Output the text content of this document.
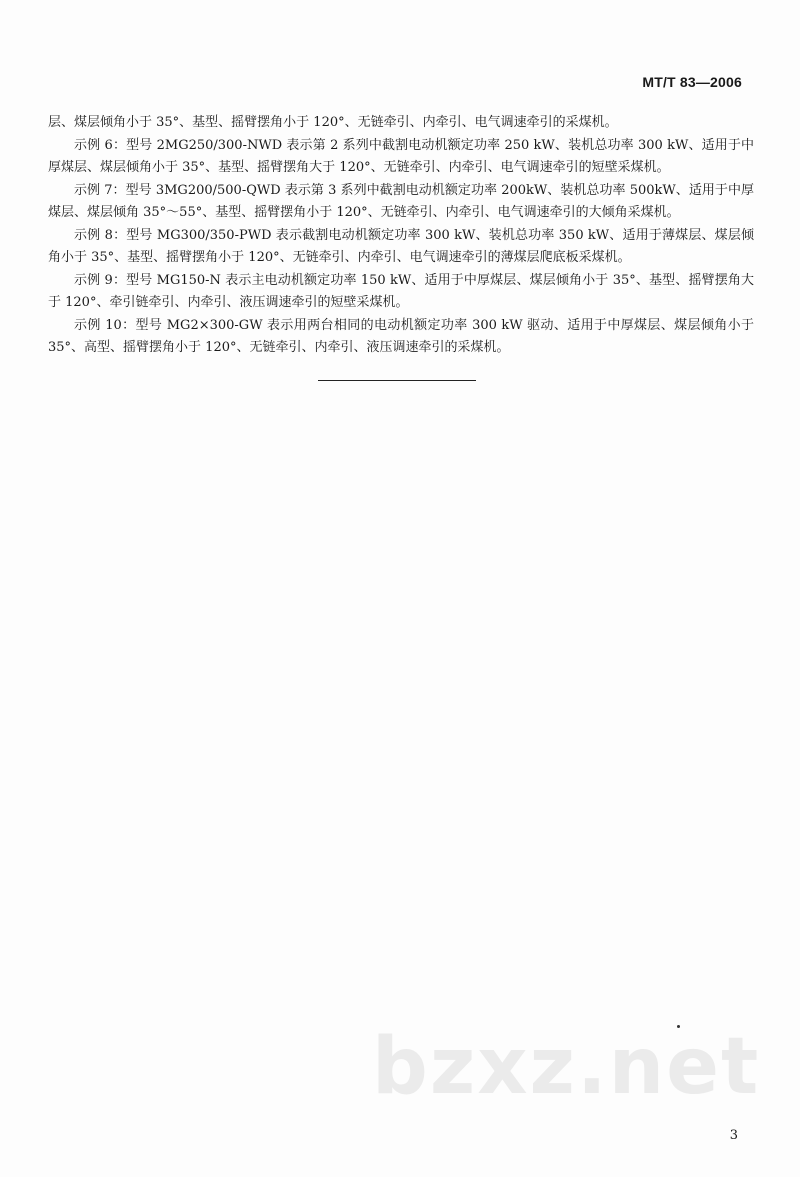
MT/T 83—2006

层、煤层倾角小于 35°、基型、摇臂摆角小于 120°、无链牵引、内牵引、电气调速牵引的采煤机。

示例 6：型号 2MG250/300-NWD 表示第 2 系列中截割电动机额定功率 250 kW、装机总功率 300 kW、适用于中厚煤层、煤层倾角小于 35°、基型、摇臂摆角大于 120°、无链牵引、内牵引、电气调速牵引的短壁采煤机。

示例 7：型号 3MG200/500-QWD 表示第 3 系列中截割电动机额定功率 200kW、装机总功率 500kW、适用于中厚煤层、煤层倾角 35°～55°、基型、摇臂摆角小于 120°、无链牵引、内牵引、电气调速牵引的大倾角采煤机。

示例 8：型号 MG300/350-PWD 表示截割电动机额定功率 300 kW、装机总功率 350 kW、适用于薄煤层、煤层倾角小于 35°、基型、摇臂摆角小于 120°、无链牵引、内牵引、电气调速牵引的薄煤层爬底板采煤机。

示例 9：型号 MG150-N 表示主电动机额定功率 150 kW、适用于中厚煤层、煤层倾角小于 35°、基型、摇臂摆角大于 120°、牵引链牵引、内牵引、液压调速牵引的短壁采煤机。

示例 10：型号 MG2×300-GW 表示用两台相同的电动机额定功率 300 kW 驱动、适用于中厚煤层、煤层倾角小于 35°、高型、摇臂摆角小于 120°、无链牵引、内牵引、液压调速牵引的采煤机。

bzxz.net
3
